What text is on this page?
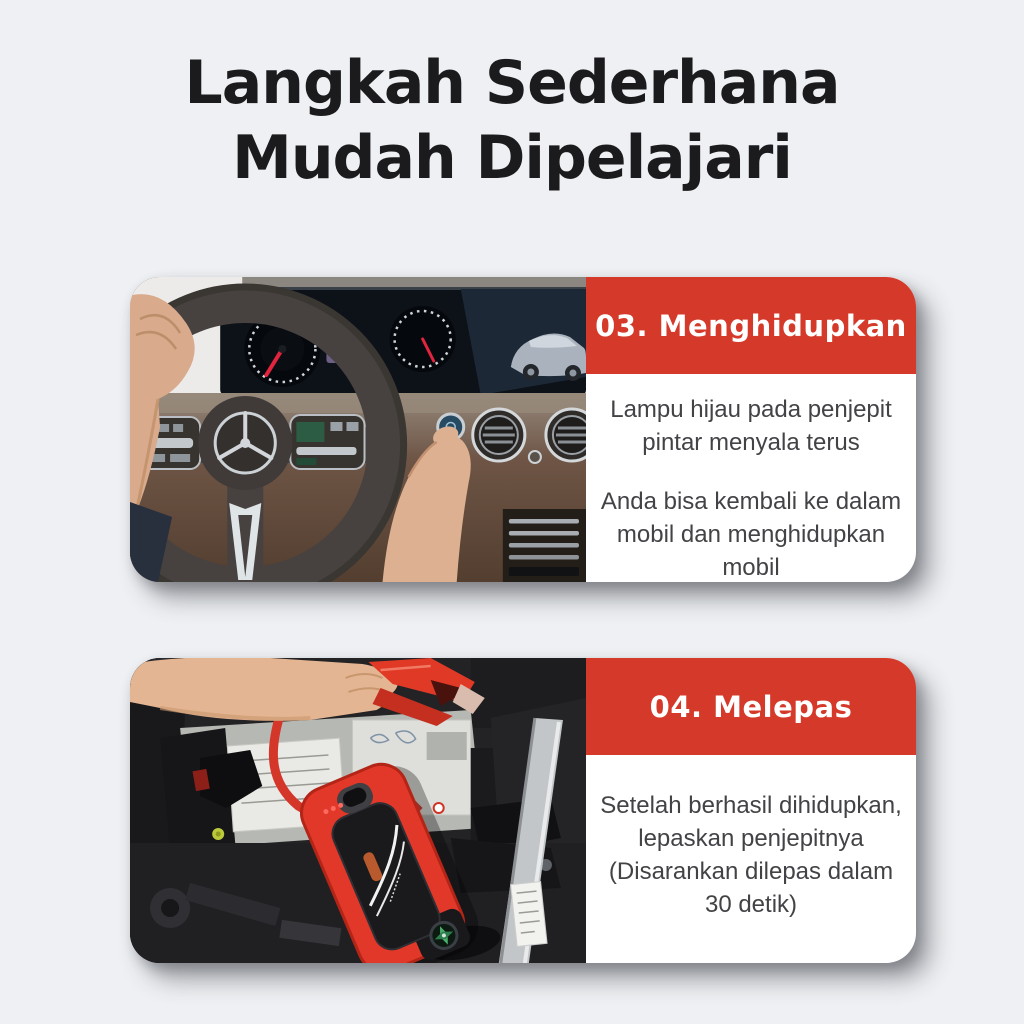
Langkah Sederhana
Mudah Dipelajari
03. Menghidupkan

Lampu hijau pada penjepit pintar menyala terus

Anda bisa kembali ke dalam mobil dan menghidupkan mobil

04. Melepas

Setelah berhasil dihidupkan, lepaskan penjepitnya (Disarankan dilepas dalam 30 detik)
